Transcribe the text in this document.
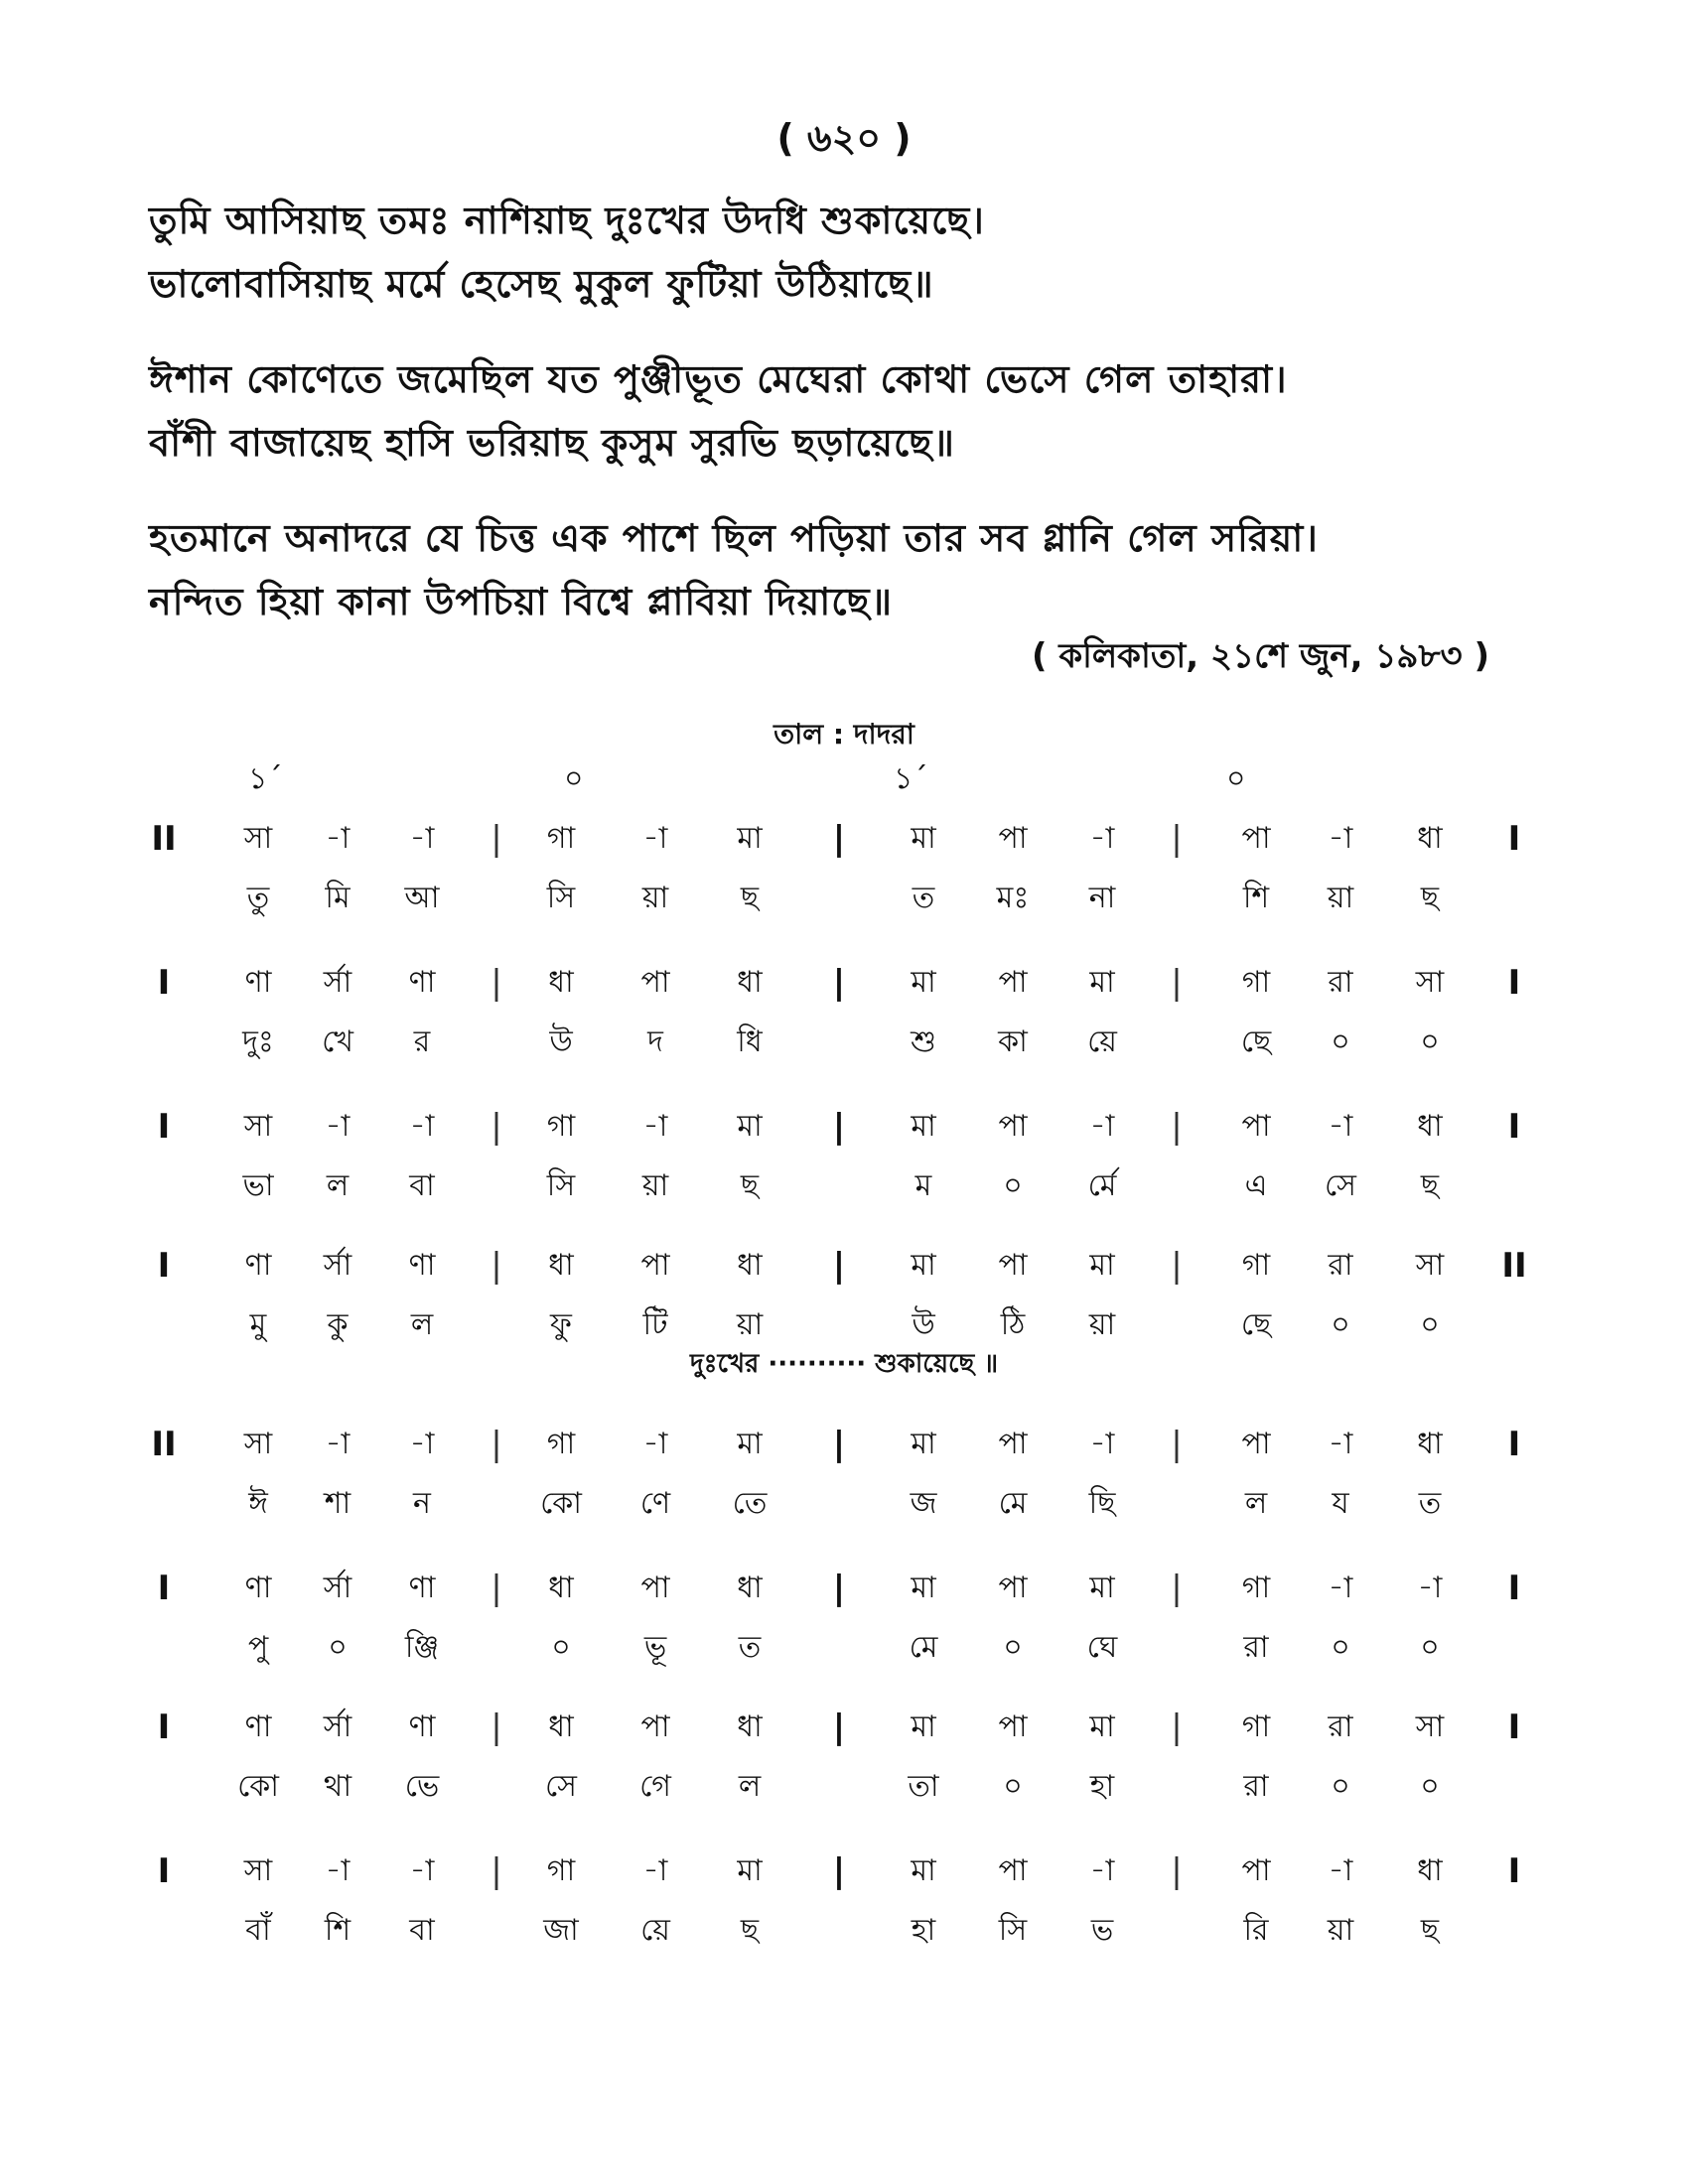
( ৬২০ )
তুমি আসিয়াছ তমঃ নাশিয়াছ দুঃখের উদধি শুকায়েছে।
ভালোবাসিয়াছ মর্মে হেসেছ মুকুল ফুটিয়া উঠিয়াছে॥
ঈশান কোণেতে জমেছিল যত পুঞ্জীভূত মেঘেরা কোথা ভেসে গেল তাহারা।
বাঁশী বাজায়েছ হাসি ভরিয়াছ কুসুম সুরভি ছড়ায়েছে॥
হতমানে অনাদরে যে চিত্ত এক পাশে ছিল পড়িয়া তার সব গ্লানি গেল সরিয়া।
নন্দিত হিয়া কানা উপচিয়া বিশ্বে প্লাবিয়া দিয়াছে॥
( কলিকাতা, ২১শে জুন, ১৯৮৩ )
তাল : দাদরা
১´	০	১´	০
II	|	|	|	I
সা	-া	-া	গা	-া	মা	মা	পা	-া	পা	-া	ধা
তু	মি	আ	সি	য়া	ছ	ত	মঃ	না	শি	য়া	ছ
I	|	|	|	I
ণা	র্সা	ণা	ধা	পা	ধা	মা	পা	মা	গা	রা	সা
দুঃ	খে	র	উ	দ	ধি	শু	কা	য়ে	ছে	০	০
I	|	|	|	I
সা	-া	-া	গা	-া	মা	মা	পা	-া	পা	-া	ধা
ভা	ল	বা	সি	য়া	ছ	ম	০	র্মে	এ	সে	ছ
I	|	|	|	II
ণা	র্সা	ণা	ধা	পা	ধা	মা	পা	মা	গা	রা	সা
মু	কু	ল	ফু	টি	য়া	উ	ঠি	য়া	ছে	০	০
II	|	|	|	I
সা	-া	-া	গা	-া	মা	মা	পা	-া	পা	-া	ধা
ঈ	শা	ন	কো	ণে	তে	জ	মে	ছি	ল	য	ত
I	|	|	|	I
ণা	র্সা	ণা	ধা	পা	ধা	মা	পা	মা	গা	-া	-া
পু	০	ঞ্জি	০	ভূ	ত	মে	০	ঘে	রা	০	০
I	|	|	|	I
ণা	র্সা	ণা	ধা	পা	ধা	মা	পা	মা	গা	রা	সা
কো	থা	ভে	সে	গে	ল	তা	০	হা	রা	০	০
I	|	|	|	I
সা	-া	-া	গা	-া	মা	মা	পা	-া	পা	-া	ধা
বাঁ	শি	বা	জা	য়ে	ছ	হা	সি	ভ	রি	য়া	ছ
দুঃখের ·········· শুকায়েছে ॥
